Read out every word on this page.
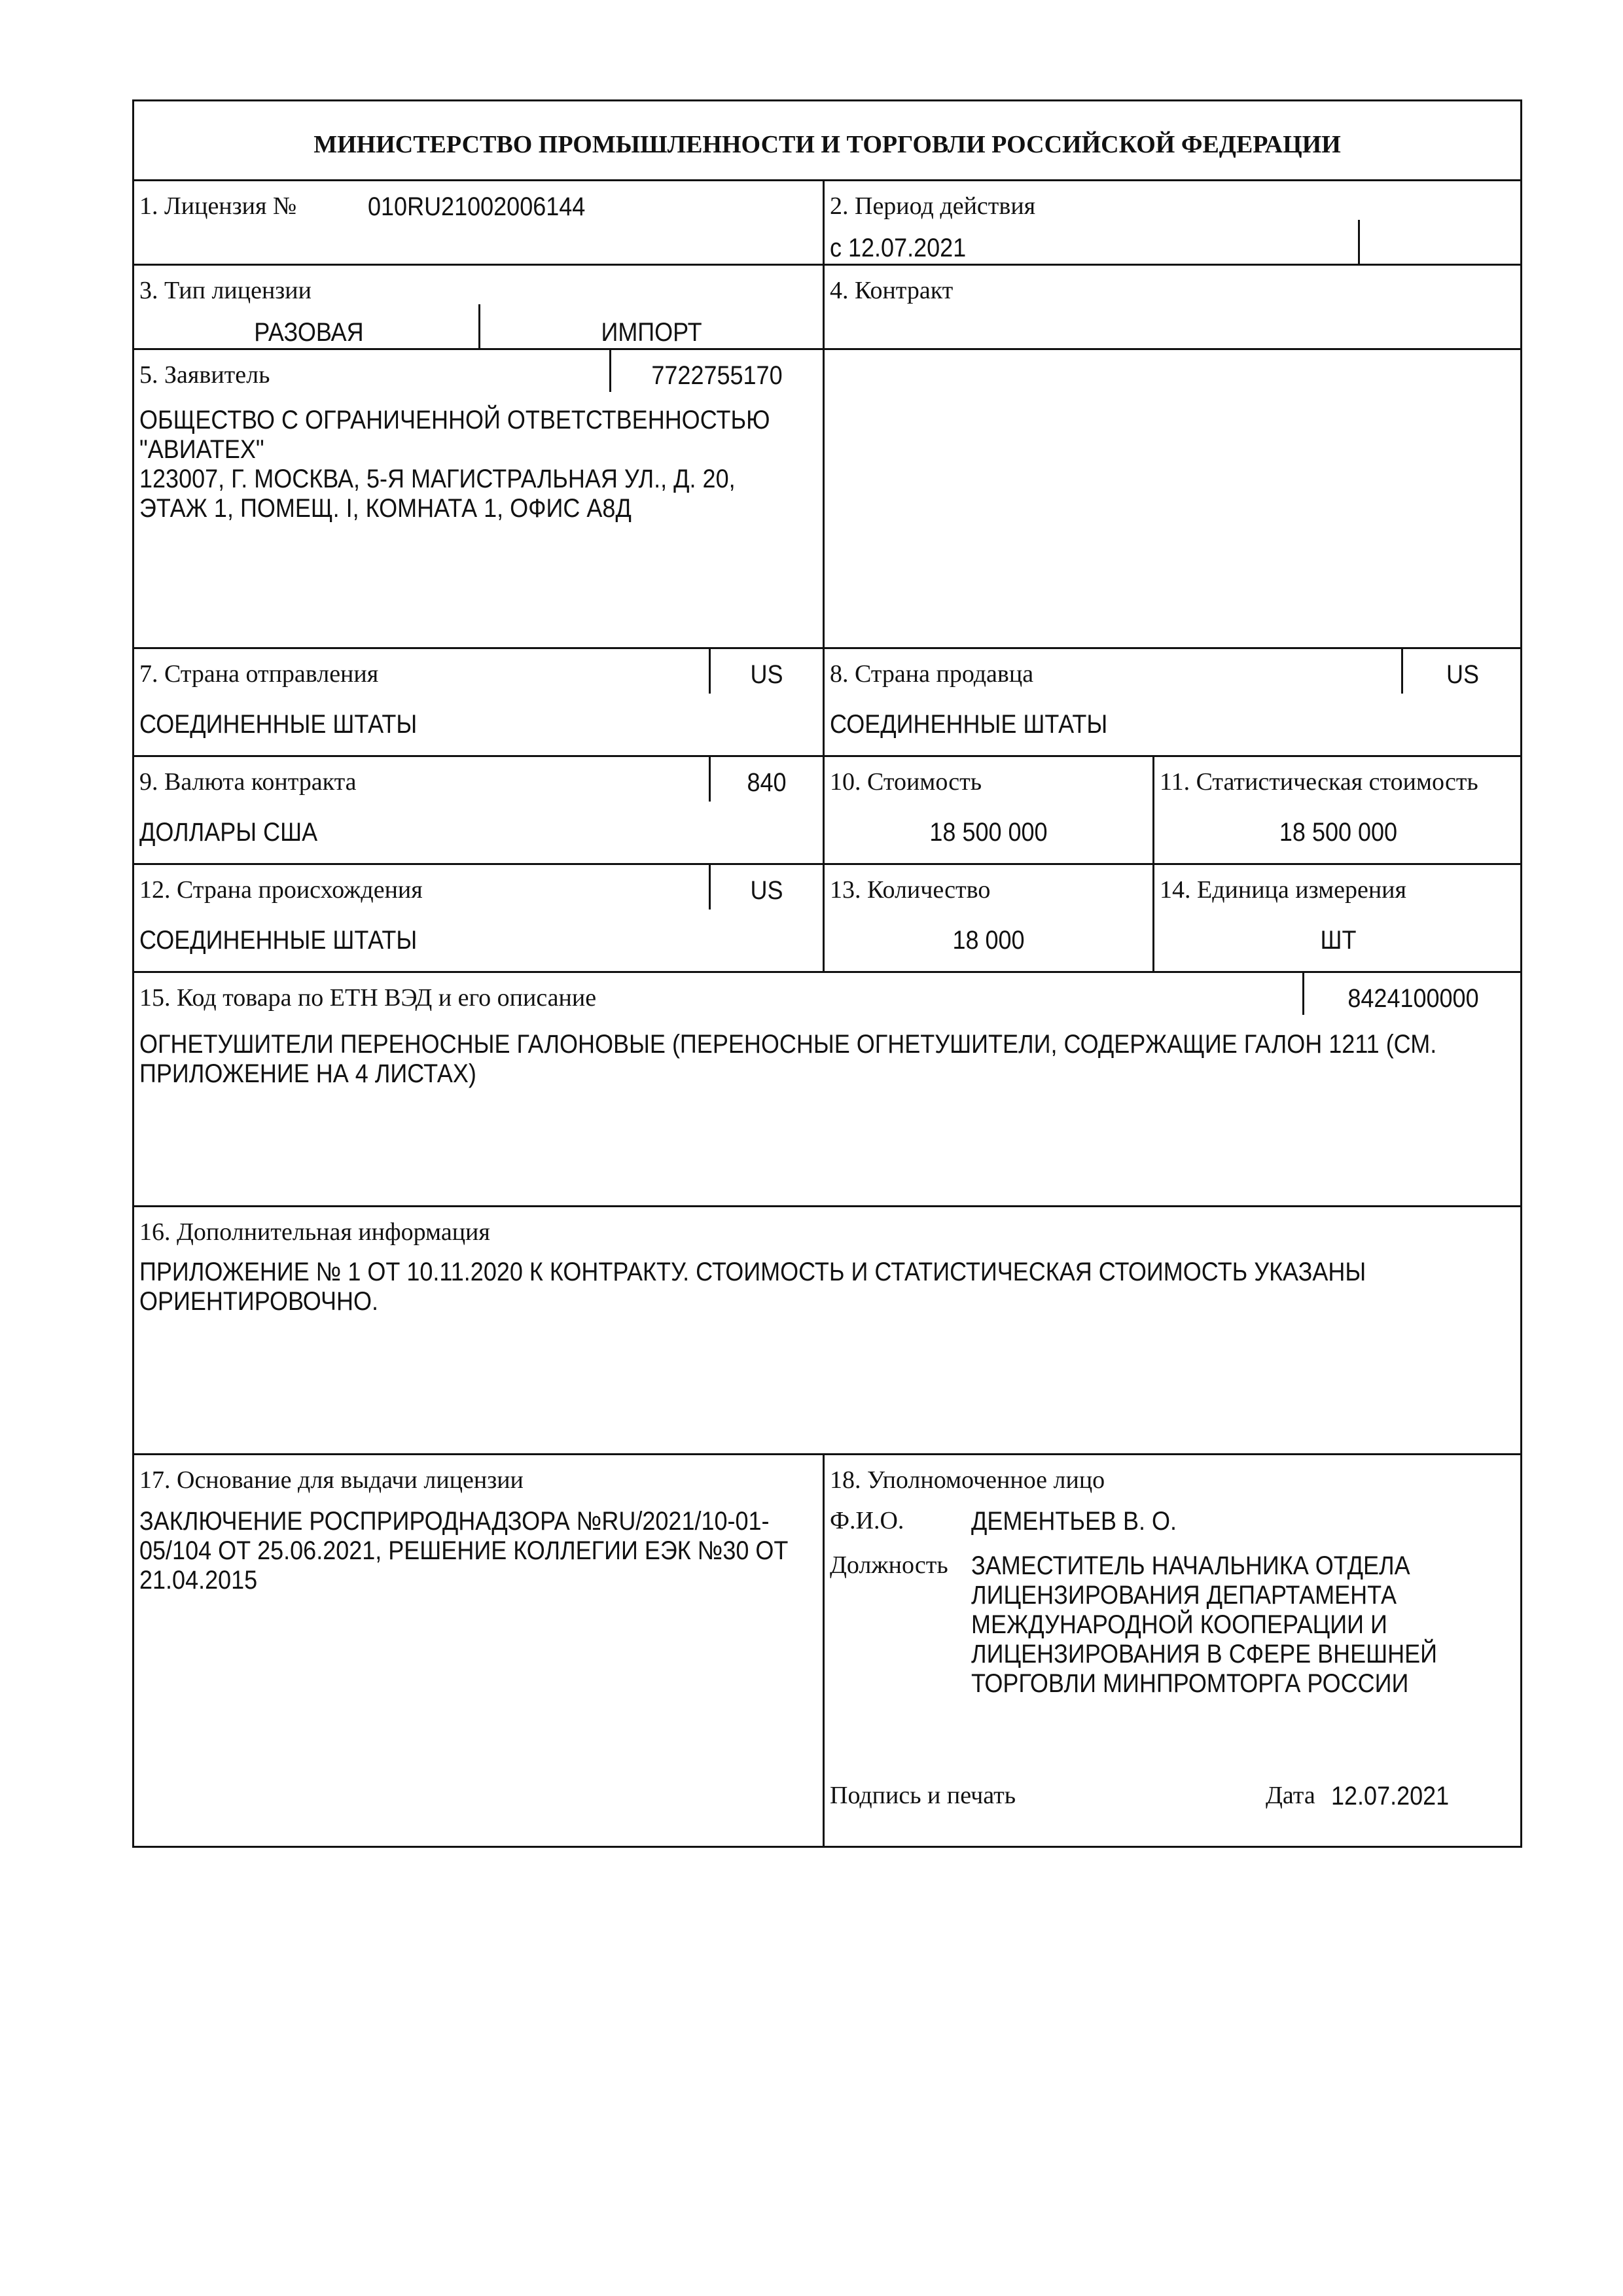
МИНИСТЕРСТВО ПРОМЫШЛЕННОСТИ И ТОРГОВЛИ РОССИЙСКОЙ ФЕДЕРАЦИИ
1. Лицензия №	010RU21002006144	2. Период действия
с 12.07.2021
3. Тип лицензии
РАЗОВАЯ	ИМПОРТ
4. Контракт
5. Заявитель	7722755170
ОБЩЕСТВО С ОГРАНИЧЕННОЙ ОТВЕТСТВЕННОСТЬЮ
"АВИАТЕХ"
123007, Г. МОСКВА, 5-Я МАГИСТРАЛЬНАЯ УЛ., Д. 20,
ЭТАЖ 1, ПОМЕЩ. I, КОМНАТА 1, ОФИС А8Д
7. Страна отправления	US
СОЕДИНЕННЫЕ ШТАТЫ
8. Страна продавца	US
СОЕДИНЕННЫЕ ШТАТЫ
9. Валюта контракта	840
ДОЛЛАРЫ США
10. Стоимость
18 500 000
11. Статистическая стоимость
18 500 000
12. Страна происхождения	US
СОЕДИНЕННЫЕ ШТАТЫ
13. Количество
18 000
14. Единица измерения
ШТ
15. Код товара по ЕТН ВЭД и его описание	8424100000
ОГНЕТУШИТЕЛИ ПЕРЕНОСНЫЕ ГАЛОНОВЫЕ (ПЕРЕНОСНЫЕ ОГНЕТУШИТЕЛИ, СОДЕРЖАЩИЕ ГАЛОН 1211 (СМ.
ПРИЛОЖЕНИЕ НА 4 ЛИСТАХ)
16. Дополнительная информация
ПРИЛОЖЕНИЕ № 1 ОТ 10.11.2020 К КОНТРАКТУ. СТОИМОСТЬ И СТАТИСТИЧЕСКАЯ СТОИМОСТЬ УКАЗАНЫ
ОРИЕНТИРОВОЧНО.
17. Основание для выдачи лицензии
ЗАКЛЮЧЕНИЕ РОСПРИРОДНАДЗОРА №RU/2021/10-01-
05/104 ОТ 25.06.2021, РЕШЕНИЕ КОЛЛЕГИИ ЕЭК №30 ОТ
21.04.2015
18. Уполномоченное лицо
Ф.И.О.	ДЕМЕНТЬЕВ В. О.
Должность ЗАМЕСТИТЕЛЬ НАЧАЛЬНИКА ОТДЕЛА
ЛИЦЕНЗИРОВАНИЯ ДЕПАРТАМЕНТА
МЕЖДУНАРОДНОЙ КООПЕРАЦИИ И
ЛИЦЕНЗИРОВАНИЯ В СФЕРЕ ВНЕШНЕЙ
ТОРГОВЛИ МИНПРОМТОРГА РОССИИ
Подпись и печать	Дата 12.07.2021
